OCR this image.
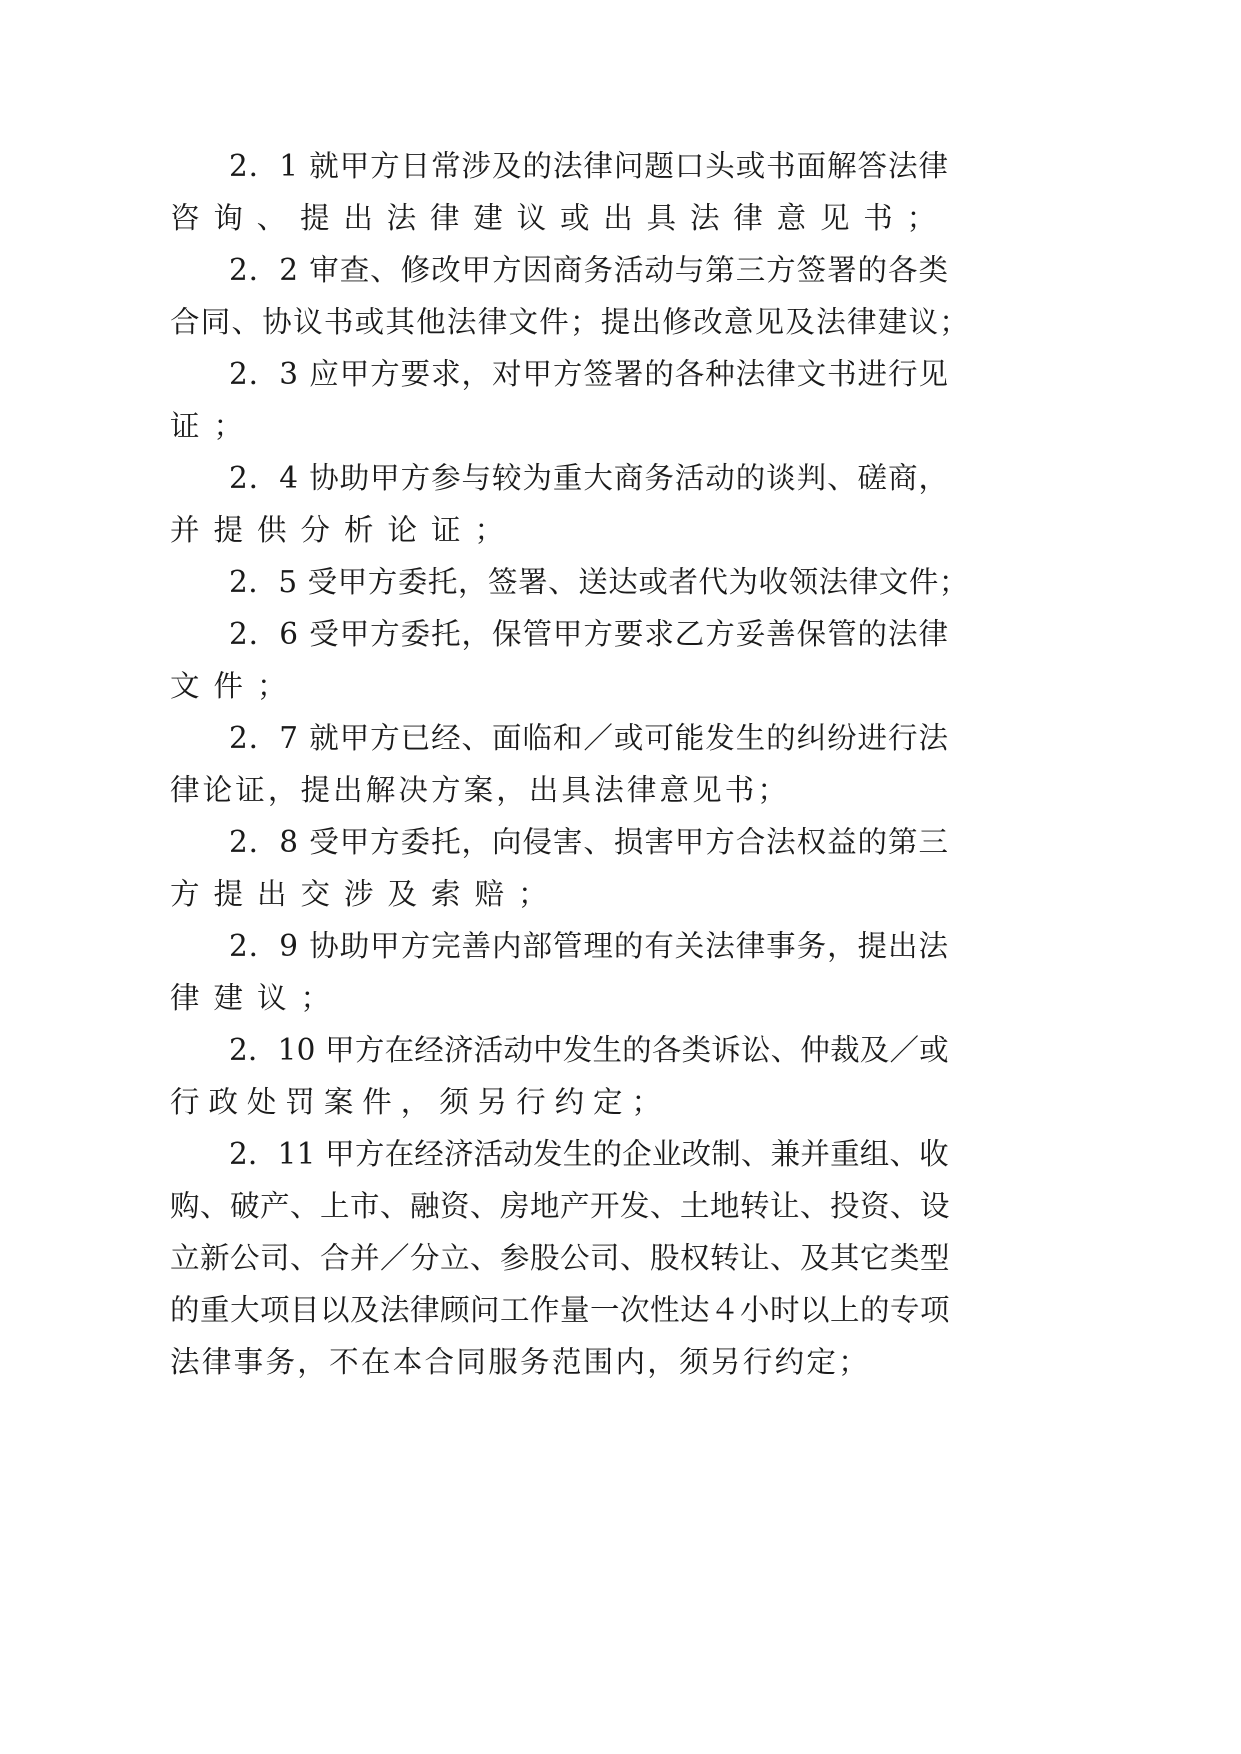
2．1 就甲方日常涉及的法律问题口头或书面解答法律
咨询、提出法律建议或出具法律意见书；
2．2 审查、修改甲方因商务活动与第三方签署的各类
合同、协议书或其他法律文件；提出修改意见及法律建议；
2．3 应甲方要求，对甲方签署的各种法律文书进行见
证；
2．4 协助甲方参与较为重大商务活动的谈判、磋商，
并提供分析论证；
2．5 受甲方委托，签署、送达或者代为收领法律文件；
2．6 受甲方委托，保管甲方要求乙方妥善保管的法律
文件；
2．7 就甲方已经、面临和／或可能发生的纠纷进行法
律论证，提出解决方案，出具法律意见书；
2．8 受甲方委托，向侵害、损害甲方合法权益的第三
方提出交涉及索赔；
2．9 协助甲方完善内部管理的有关法律事务，提出法
律建议；
2．10 甲方在经济活动中发生的各类诉讼、仲裁及／或
行政处罚案件，须另行约定；
2．11 甲方在经济活动发生的企业改制、兼并重组、收
购、破产、上市、融资、房地产开发、土地转让、投资、设
立新公司、合并／分立、参股公司、股权转让、及其它类型
的重大项目以及法律顾问工作量一次性达４小时以上的专项
法律事务，不在本合同服务范围内，须另行约定；
